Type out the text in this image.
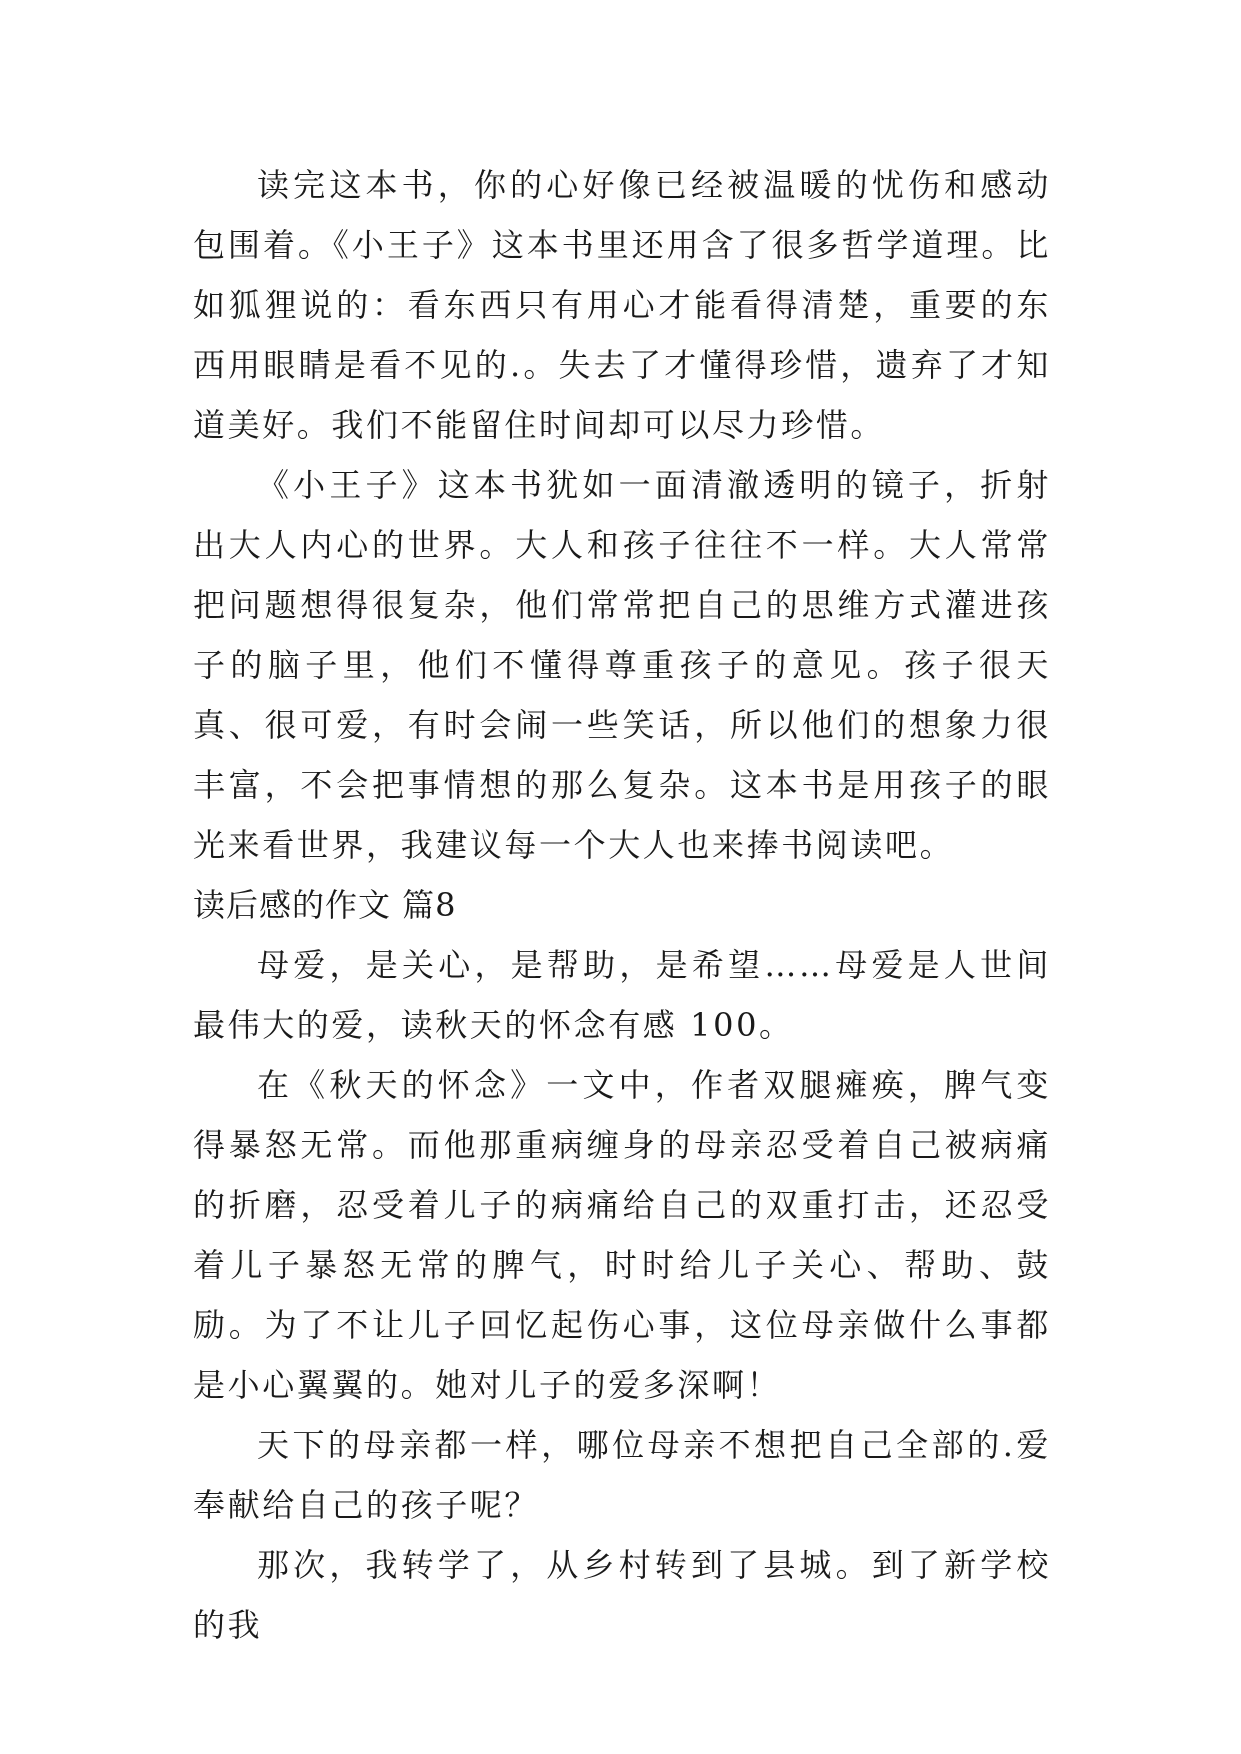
读完这本书，你的心好像已经被温暖的忧伤和感动包围着。《小王子》这本书里还用含了很多哲学道理。比如狐狸说的：看东西只有用心才能看得清楚，重要的东西用眼睛是看不见的.。失去了才懂得珍惜，遗弃了才知道美好。我们不能留住时间却可以尽力珍惜。

《小王子》这本书犹如一面清澈透明的镜子，折射出大人内心的世界。大人和孩子往往不一样。大人常常把问题想得很复杂，他们常常把自己的思维方式灌进孩子的脑子里，他们不懂得尊重孩子的意见。孩子很天真、很可爱，有时会闹一些笑话，所以他们的想象力很丰富，不会把事情想的那么复杂。这本书是用孩子的眼光来看世界，我建议每一个大人也来捧书阅读吧。

读后感的作文 篇8

母爱，是关心，是帮助，是希望……母爱是人世间最伟大的爱，读秋天的怀念有感 100。

在《秋天的怀念》一文中，作者双腿瘫痪，脾气变得暴怒无常。而他那重病缠身的母亲忍受着自己被病痛的折磨，忍受着儿子的病痛给自己的双重打击，还忍受着儿子暴怒无常的脾气，时时给儿子关心、帮助、鼓励。为了不让儿子回忆起伤心事，这位母亲做什么事都是小心翼翼的。她对儿子的爱多深啊！

天下的母亲都一样，哪位母亲不想把自己全部的.爱奉献给自己的孩子呢？

那次，我转学了，从乡村转到了县城。到了新学校的我
